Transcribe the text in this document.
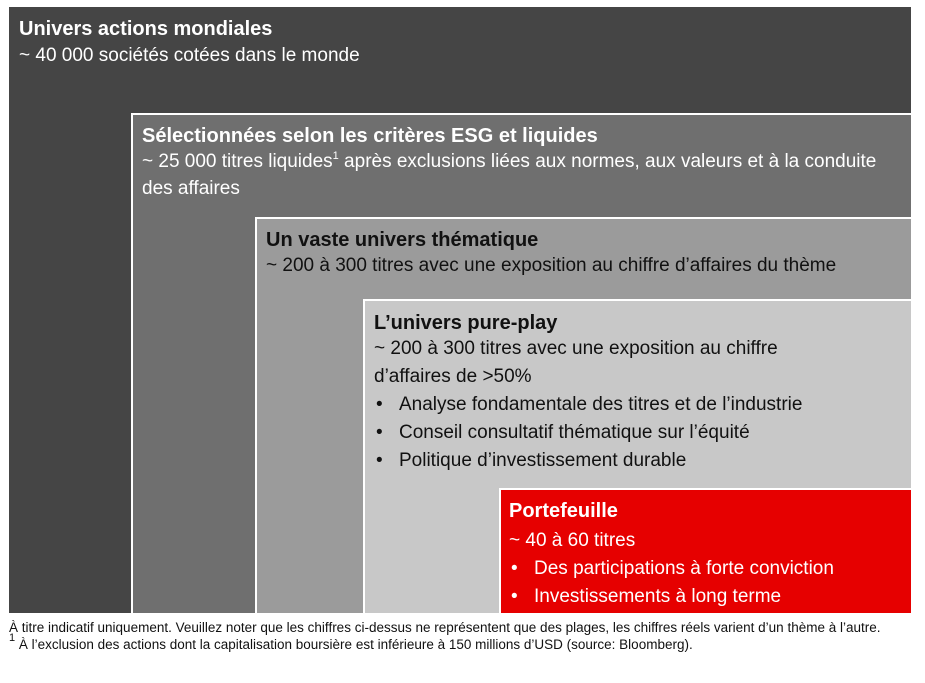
Univers actions mondiales

~ 40 000 sociétés cotées dans le monde

Sélectionnées selon les critères ESG et liquides

~ 25 000 titres liquides$^1$ après exclusions liées aux normes, aux valeurs et à la conduite des affaires

Un vaste univers thématique

~ 200 à 300 titres avec une exposition au chiffre d’affaires du thème

L’univers pure-play

~ 200 à 300 titres avec une exposition au chiffre d’affaires de >50%

• Analyse fondamentale des titres et de l’industrie
• Conseil consultatif thématique sur l’équité
• Politique d’investissement durable

Portefeuille

~ 40 à 60 titres

• Des participations à forte conviction
• Investissements à long terme

À titre indicatif uniquement. Veuillez noter que les chiffres ci-dessus ne représentent que des plages, les chiffres réels varient d’un thème à l’autre.

$^1$ À l’exclusion des actions dont la capitalisation boursière est inférieure à 150 millions d’USD (source: Bloomberg).
